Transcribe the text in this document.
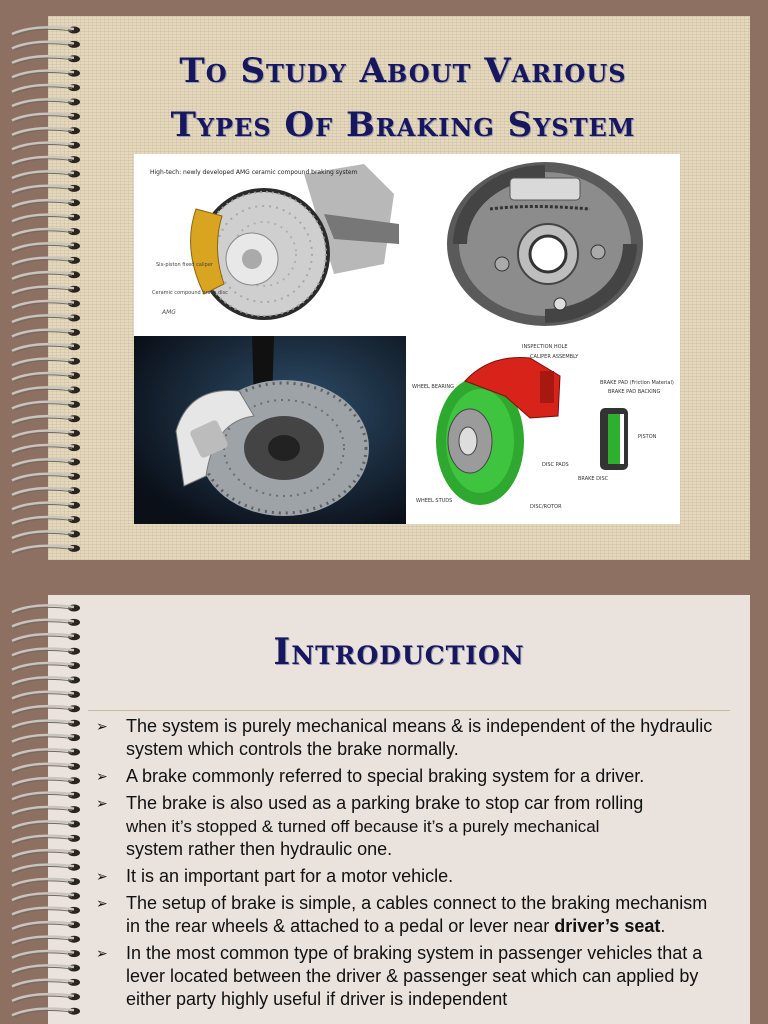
To Study About Various
Types Of Braking System
High-tech: newly developed AMG ceramic compound braking system
Six-piston fixed caliper
Ceramic compound brake disc
AMG
INSPECTION HOLE
CALIPER ASSEMBLY
WHEEL BEARING
BRAKE PAD (Friction Material)
BRAKE PAD BACKING
PISTON
DISC PADS
WHEEL STUDS
DISC/ROTOR
BRAKE DISC
Introduction
➢ The system is purely mechanical means & is independent of the hydraulic system which controls the brake normally.
➢ A brake commonly referred to special braking system for a driver.
➢ The brake is also used as a parking brake to stop car from rolling
when it’s stopped & turned off because it’s a purely mechanical
system rather then hydraulic one.
➢ It is an important part for a motor vehicle.
➢ The setup of brake is simple, a cables connect to the braking mechanism in the rear wheels & attached to a pedal or lever near driver’s seat.
➢ In the most common type of braking system in passenger vehicles that a lever located between the driver & passenger seat which can applied by either party highly useful if driver is independent
